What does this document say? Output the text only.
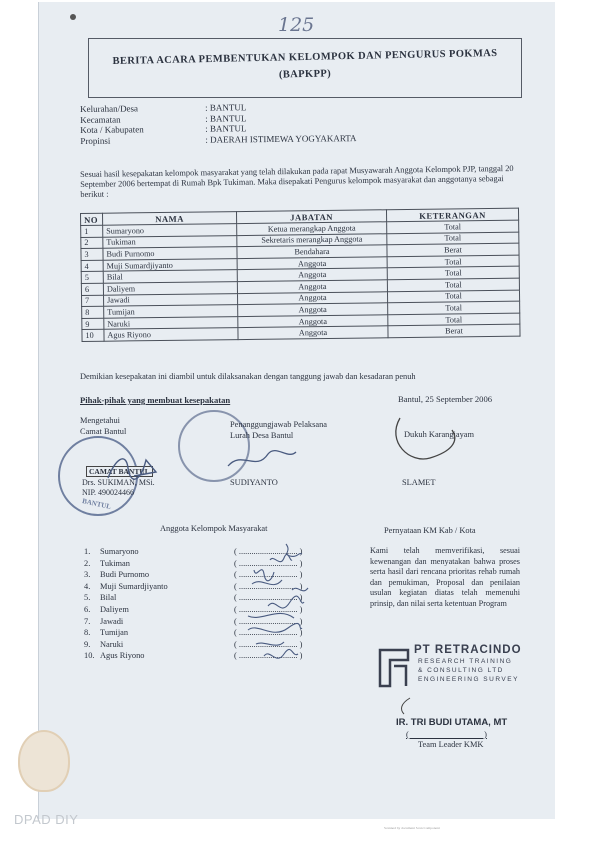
125
BERITA ACARA PEMBENTUKAN KELOMPOK DAN PENGURUS POKMAS
(BAPKPP)
Kelurahan/Desa	: BANTUL
Kecamatan	: BANTUL
Kota / Kabupaten	: BANTUL
Propinsi	: DAERAH ISTIMEWA YOGYAKARTA
Sesuai hasil kesepakatan kelompok masyarakat yang telah dilakukan pada rapat Musyawarah Anggota Kelompok PJP, tanggal 20 September 2006 bertempat di Rumah Bpk Tukiman. Maka disepakati Pengurus kelompok masyarakat dan anggotanya sebagai berikut :
NO	NAMA	JABATAN	KETERANGAN
1	Sumaryono	Ketua merangkap Anggota	Total
2	Tukiman	Sekretaris merangkap Anggota	Total
3	Budi Purnomo	Bendahara	Berat
4	Muji Sumardjiyanto	Anggota	Total
5	Bilal	Anggota	Total
6	Daliyem	Anggota	Total
7	Jawadi	Anggota	Total
8	Tumijan	Anggota	Total
9	Naruki	Anggota	Total
10	Agus Riyono	Anggota	Berat
Demikian kesepakatan ini diambil untuk dilaksanakan dengan tanggung jawab dan kesadaran penuh
Pihak-pihak yang membuat kesepakatan	Bantul, 25 September 2006
Mengetahui
Camat Bantul
BANTUL
CAMAT BANTUL
Drs. SUKIMAN, MSi.
NIP. 490024466
Penanggungjawab Pelaksana
Lurah Desa Bantul
SUDIYANTO
Dukuh Karangjayam
SLAMET
Anggota Kelompok Masyarakat
1.	Sumaryono	( ............................ )
2.	Tukiman	( ............................ )
3.	Budi Purnomo	( ............................ )
4.	Muji Sumardjiyanto	( ............................ )
5.	Bilal	( ............................ )
6.	Daliyem	( ............................ )
7.	Jawadi	( ............................ )
8.	Tumijan	( ............................ )
9.	Naruki	( ............................ )
10. Agus Riyono	( ............................ )
Pernyataan KM Kab / Kota
Kami telah memverifikasi, sesuai kewenangan dan menyatakan bahwa proses serta hasil dari rencana prioritas rehab rumah dan pemukiman, Proposal dan penilaian usulan kegiatan diatas telah memenuhi prinsip, dan nilai serta ketentuan Program
PT RETRACINDO
RESEARCH TRAINING
& CONSULTING LTD
ENGINEERING SURVEY
IR. TRI BUDI UTAMA, MT
(                                    )
Team Leader KMK
DPAD DIY
Scanned by document Scan Component
